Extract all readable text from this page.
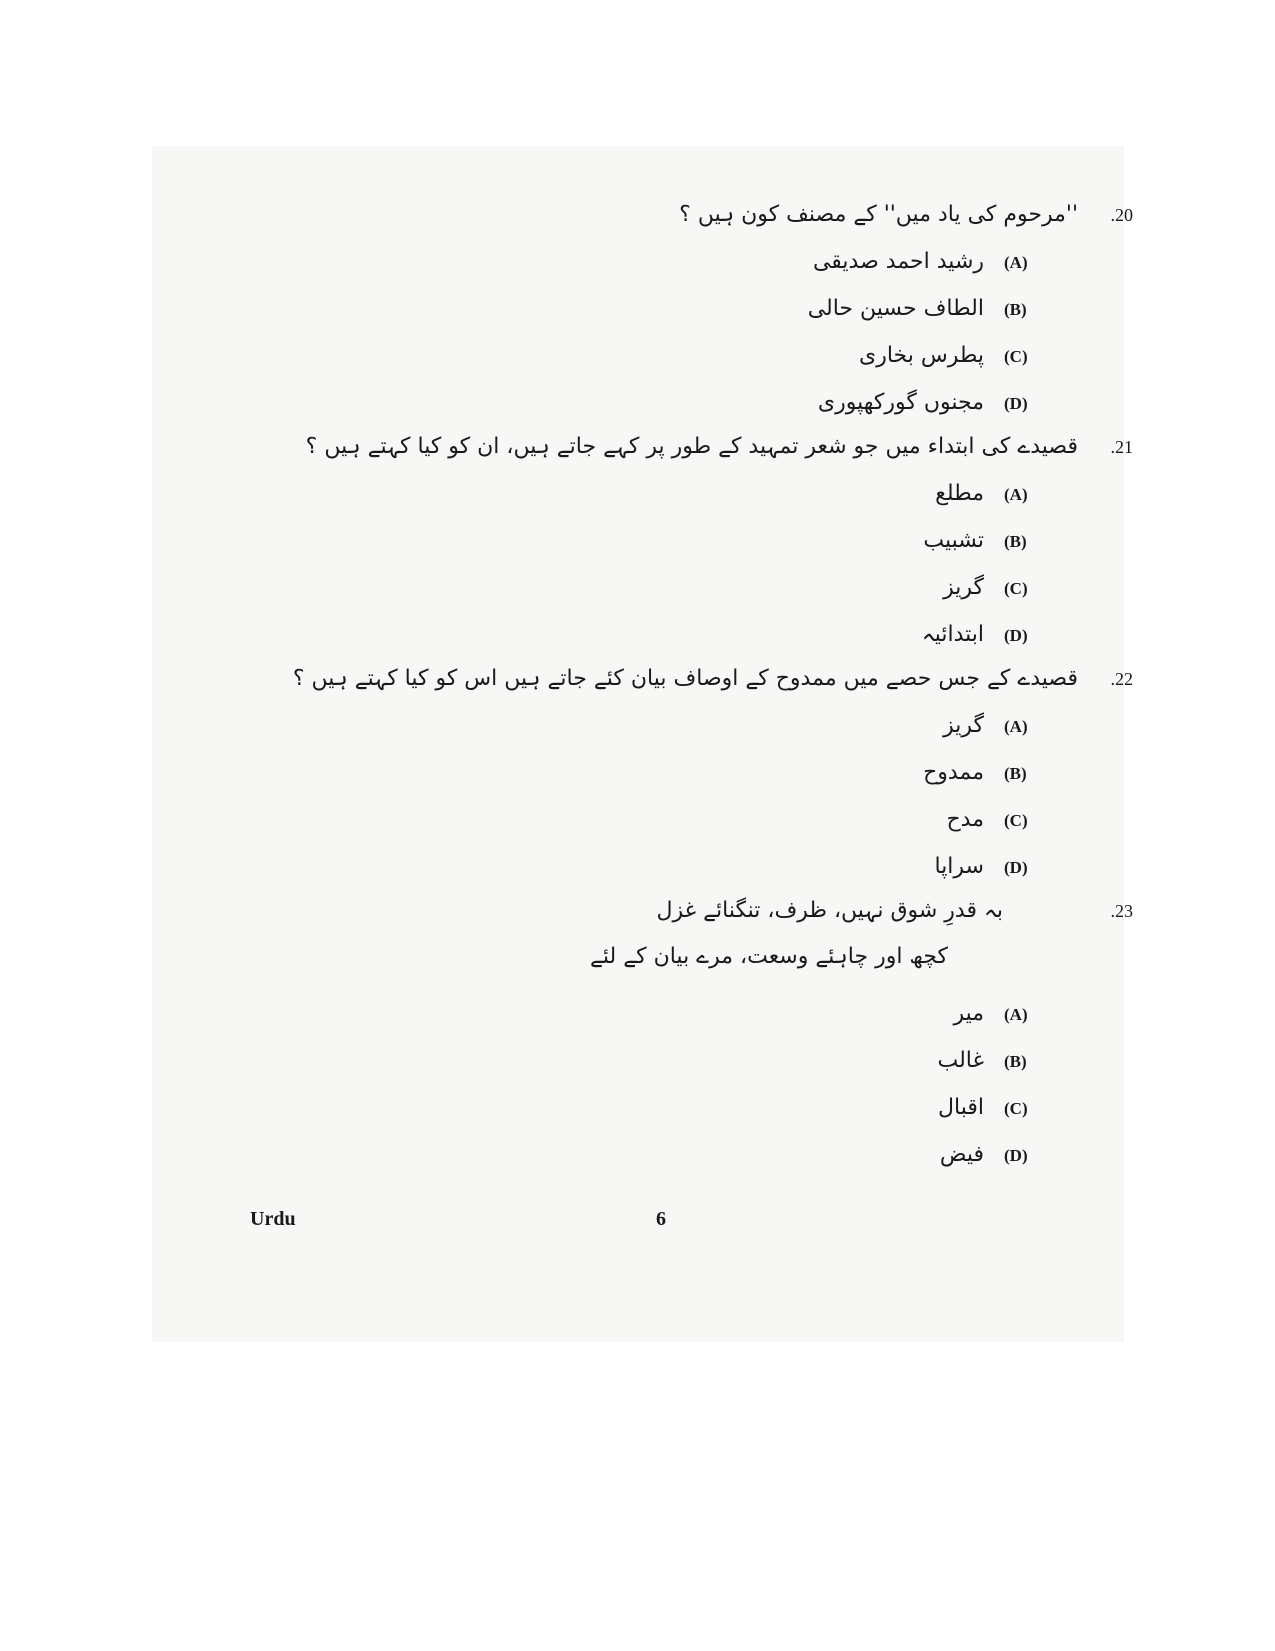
.20
''مرحوم کی یاد میں'' کے مصنف کون ہیں ؟
(A)
رشید احمد صدیقی
(B)
الطاف حسین حالی
(C)
پطرس بخاری
(D)
مجنوں گورکھپوری
.21
قصیدے کی ابتداء میں جو شعر تمہید کے طور پر کہے جاتے ہیں، ان کو کیا کہتے ہیں ؟
(A)
مطلع
(B)
تشبیب
(C)
گریز
(D)
ابتدائیہ
.22
قصیدے کے جس حصے میں ممدوح کے اوصاف بیان کئے جاتے ہیں اس کو کیا کہتے ہیں ؟
(A)
گریز
(B)
ممدوح
(C)
مدح
(D)
سراپا
.23
بہ قدرِ شوق نہیں، ظرف، تنگنائے غزل
کچھ اور چاہئے وسعت، مرے بیان کے لئے
(A)
میر
(B)
غالب
(C)
اقبال
(D)
فیض
Urdu	6
